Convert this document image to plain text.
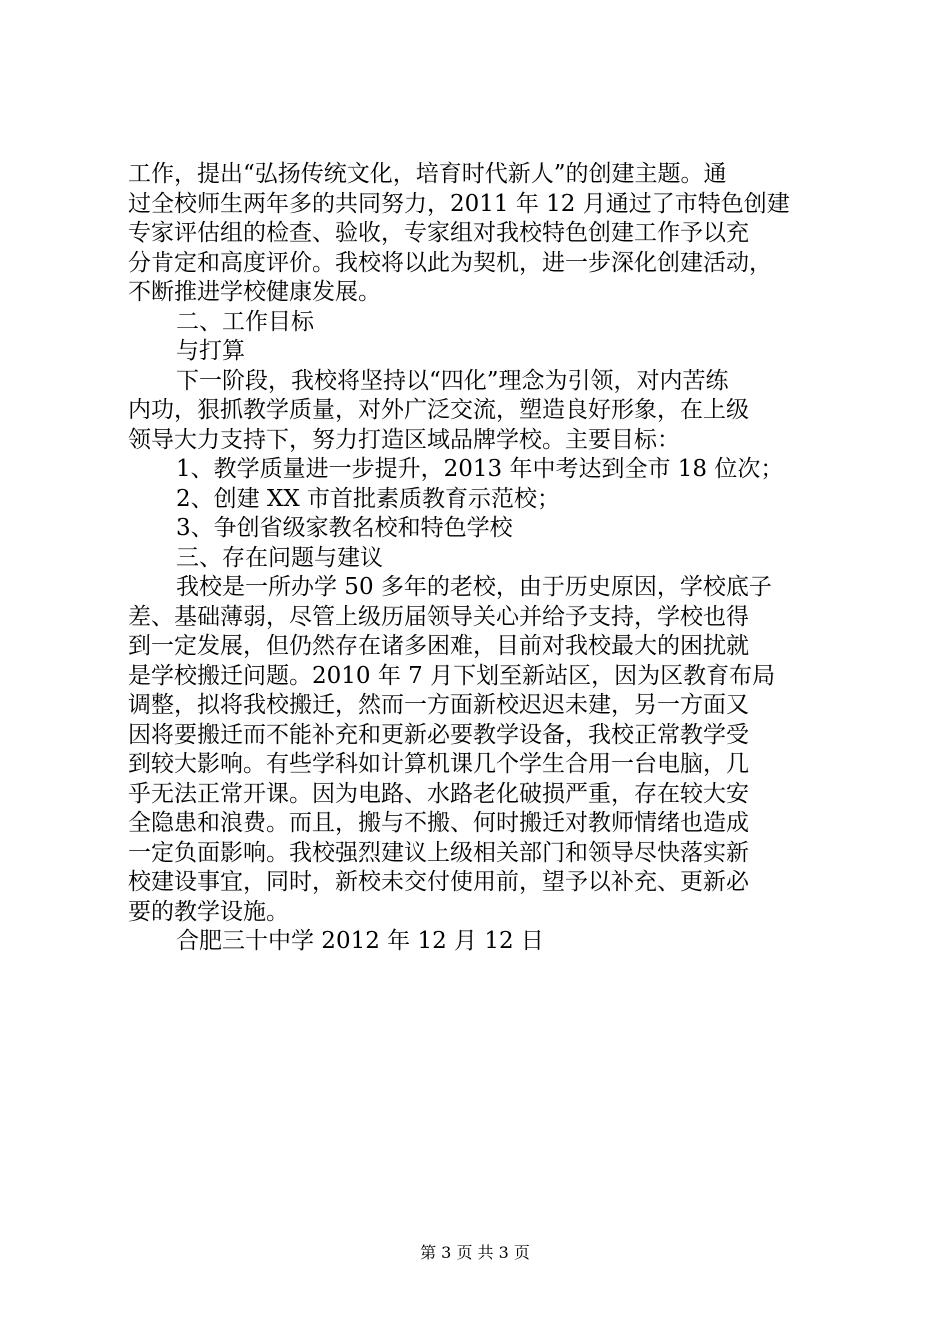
工作，提出“弘扬传统文化，培育时代新人”的创建主题。通
过全校师生两年多的共同努力，2011 年 12 月通过了市特色创建
专家评估组的检查、验收，专家组对我校特色创建工作予以充
分肯定和高度评价。我校将以此为契机，进一步深化创建活动，
不断推进学校健康发展。
二、工作目标
与打算
下一阶段，我校将坚持以“四化”理念为引领，对内苦练
内功，狠抓教学质量，对外广泛交流，塑造良好形象，在上级
领导大力支持下，努力打造区域品牌学校。主要目标：
1、教学质量进一步提升，2013 年中考达到全市 18 位次；
2、创建 XX 市首批素质教育示范校；
3、争创省级家教名校和特色学校
三、存在问题与建议
我校是一所办学 50 多年的老校，由于历史原因，学校底子
差、基础薄弱，尽管上级历届领导关心并给予支持，学校也得
到一定发展，但仍然存在诸多困难，目前对我校最大的困扰就
是学校搬迁问题。2010 年 7 月下划至新站区，因为区教育布局
调整，拟将我校搬迁，然而一方面新校迟迟未建，另一方面又
因将要搬迁而不能补充和更新必要教学设备，我校正常教学受
到较大影响。有些学科如计算机课几个学生合用一台电脑，几
乎无法正常开课。因为电路、水路老化破损严重，存在较大安
全隐患和浪费。而且，搬与不搬、何时搬迁对教师情绪也造成
一定负面影响。我校强烈建议上级相关部门和领导尽快落实新
校建设事宜，同时，新校未交付使用前，望予以补充、更新必
要的教学设施。
合肥三十中学 2012 年 12 月 12 日
第 3 页 共 3 页
